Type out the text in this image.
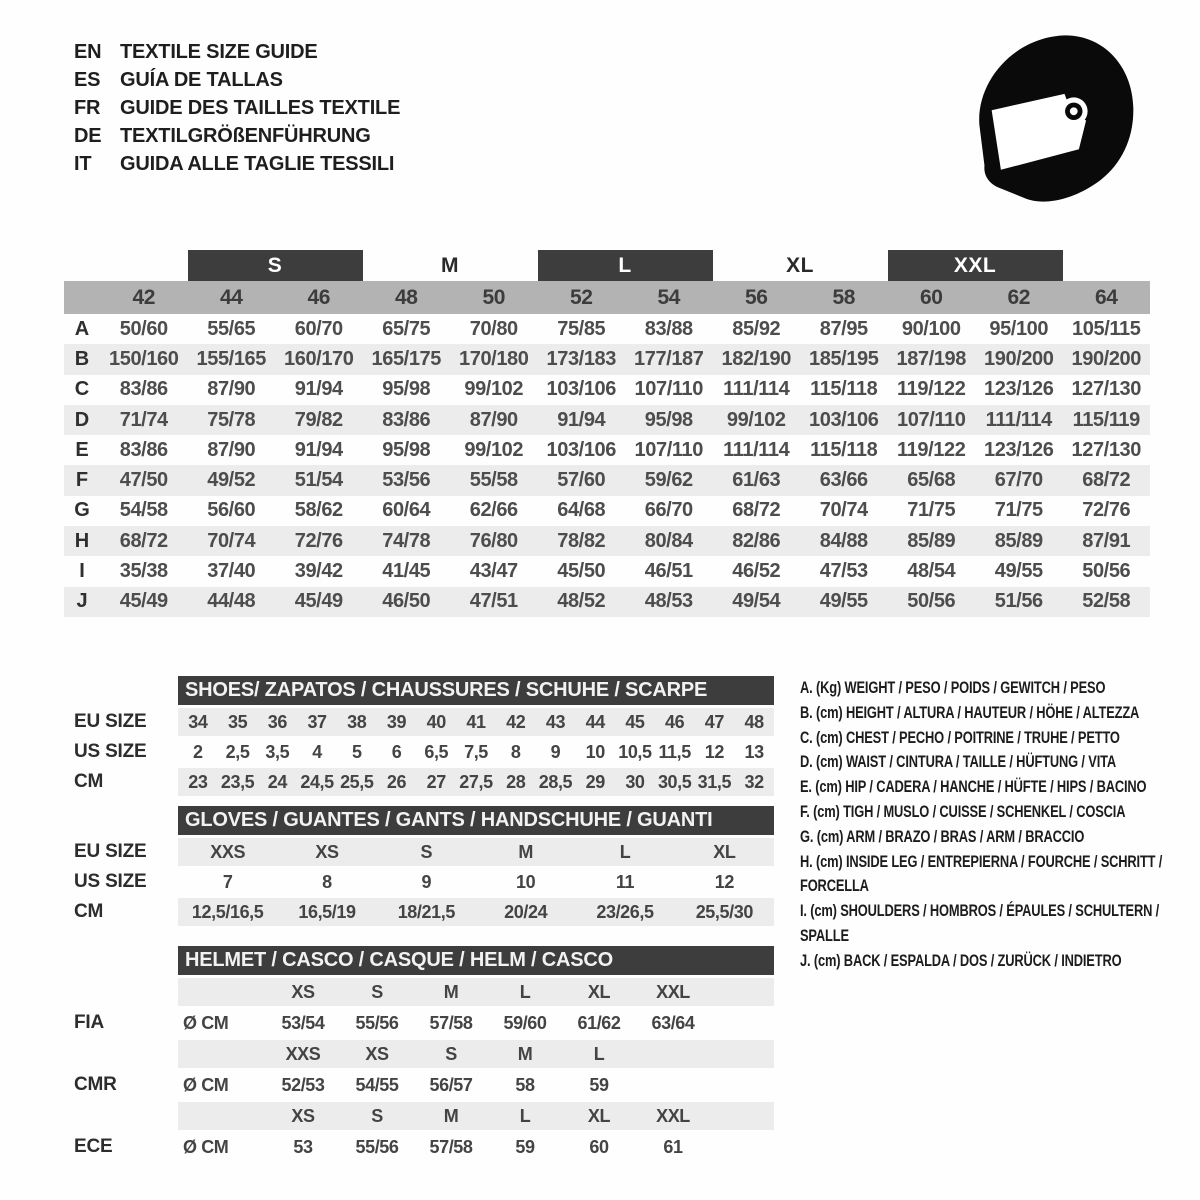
EN TEXTILE SIZE GUIDE
ES GUÍA DE TALLAS
FR GUIDE DES TAILLES TEXTILE
DE TEXTILGRÖßENFÜHRUNG
IT	GUIDA ALLE TAGLIE TESSILI
S	M	L	XL	XXL
42	44	46	48	50	52	54	56	58	60	62	64
A	50/60	55/65	60/70	65/75	70/80	75/85	83/88	85/92	87/95	90/100	95/100	105/115
B 150/160 155/165 160/170 165/175 170/180 173/183 177/187 182/190 185/195 187/198 190/200 190/200
C	83/86	87/90	91/94	95/98	99/102	103/106 107/110	111/114	115/118 119/122 123/126 127/130
D	71/74	75/78	79/82	83/86	87/90	91/94	95/98	99/102	103/106 107/110	111/114	115/119
E	83/86	87/90	91/94	95/98	99/102	103/106 107/110	111/114	115/118 119/122 123/126 127/130
F	47/50	49/52	51/54	53/56	55/58	57/60	59/62	61/63	63/66	65/68	67/70	68/72
G	54/58	56/60	58/62	60/64	62/66	64/68	66/70	68/72	70/74	71/75	71/75	72/76
H	68/72	70/74	72/76	74/78	76/80	78/82	80/84	82/86	84/88	85/89	85/89	87/91
I	35/38	37/40	39/42	41/45	43/47	45/50	46/51	46/52	47/53	48/54	49/55	50/56
J	45/49	44/48	45/49	46/50	47/51	48/52	48/53	49/54	49/55	50/56	51/56	52/58
SHOES/ ZAPATOS / CHAUSSURES / SCHUHE / SCARPE
EU SIZE	34	35	36	37	38	39	40	41	42	43	44	45	46	47	48
US SIZE	2	2,5 3,5	4	5	6	6,5 7,5	8	9	10 10,5 11,5 12	13
CM	23 23,5 24 24,5 25,5 26	27 27,5 28 28,5 29	30 30,5 31,5 32
GLOVES / GUANTES / GANTS / HANDSCHUHE / GUANTI
EU SIZE	XXS	XS	S	M	L	XL
US SIZE	7	8	9	10	11	12
CM	12,5/16,5	16,5/19	18/21,5	20/24	23/26,5	25,5/30
HELMET / CASCO / CASQUE / HELM / CASCO
XS	S	M	L	XL	XXL
FIA	Ø CM	53/54	55/56	57/58	59/60	61/62	63/64
XXS	XS	S	M	L
CMR	Ø CM	52/53	54/55	56/57	58	59
XS	S	M	L	XL	XXL
ECE	Ø CM	53	55/56	57/58	59	60	61
A. (Kg) WEIGHT / PESO / POIDS / GEWITCH / PESO
B. (cm) HEIGHT / ALTURA / HAUTEUR / HÖHE / ALTEZZA
C. (cm) CHEST / PECHO / POITRINE / TRUHE / PETTO
D. (cm) WAIST / CINTURA / TAILLE / HÜFTUNG / VITA
E. (cm) HIP / CADERA / HANCHE / HÜFTE / HIPS / BACINO
F. (cm) TIGH / MUSLO / CUISSE / SCHENKEL / COSCIA
G. (cm) ARM / BRAZO / BRAS / ARM / BRACCIO
H. (cm) INSIDE LEG / ENTREPIERNA / FOURCHE / SCHRITT / FORCELLA
I. (cm) SHOULDERS / HOMBROS / ÉPAULES / SCHULTERN / SPALLE
J. (cm) BACK / ESPALDA / DOS / ZURÜCK / INDIETRO
